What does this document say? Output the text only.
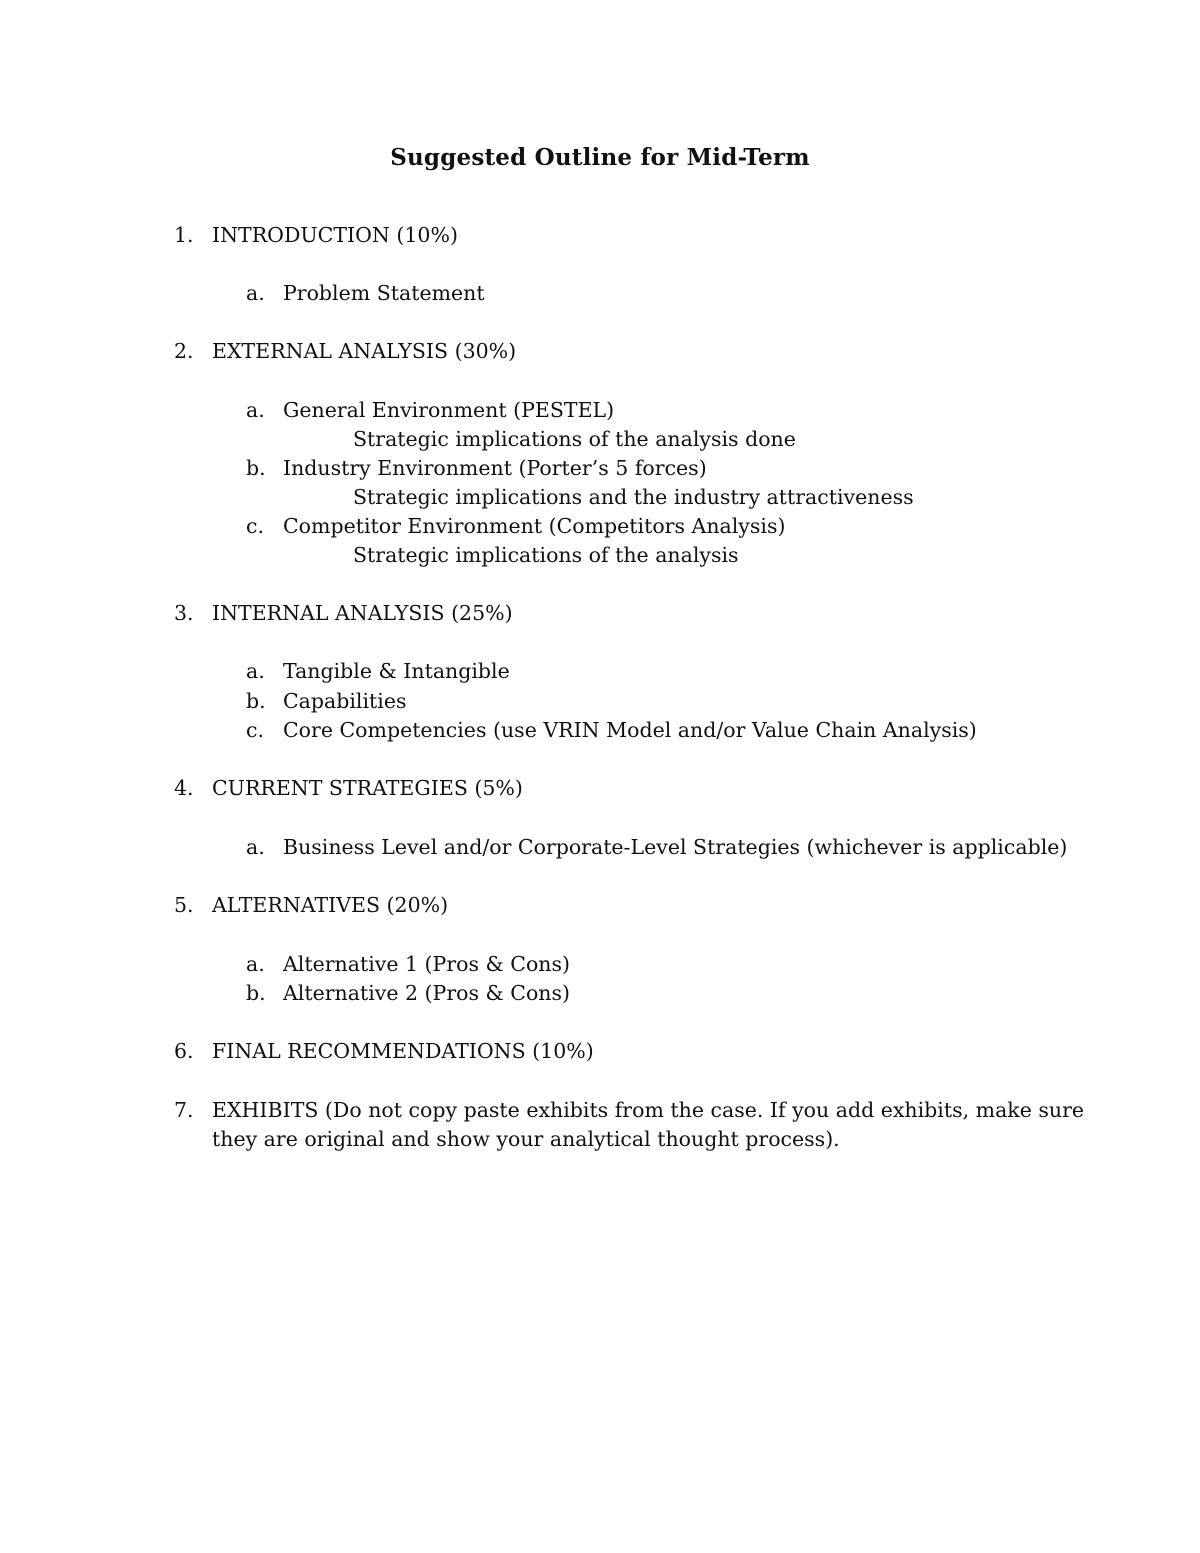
Suggested Outline for Mid-Term
1. INTRODUCTION (10%)
a. Problem Statement
2. EXTERNAL ANALYSIS (30%)
a. General Environment (PESTEL)
Strategic implications of the analysis done
b. Industry Environment (Porter’s 5 forces)
Strategic implications and the industry attractiveness
c. Competitor Environment (Competitors Analysis)
Strategic implications of the analysis
3. INTERNAL ANALYSIS (25%)
a. Tangible & Intangible
b. Capabilities
c. Core Competencies (use VRIN Model and/or Value Chain Analysis)
4. CURRENT STRATEGIES (5%)
a. Business Level and/or Corporate-Level Strategies (whichever is applicable)
5. ALTERNATIVES (20%)
a. Alternative 1 (Pros & Cons)
b. Alternative 2 (Pros & Cons)
6. FINAL RECOMMENDATIONS (10%)
7. EXHIBITS (Do not copy paste exhibits from the case. If you add exhibits, make sure
they are original and show your analytical thought process).
